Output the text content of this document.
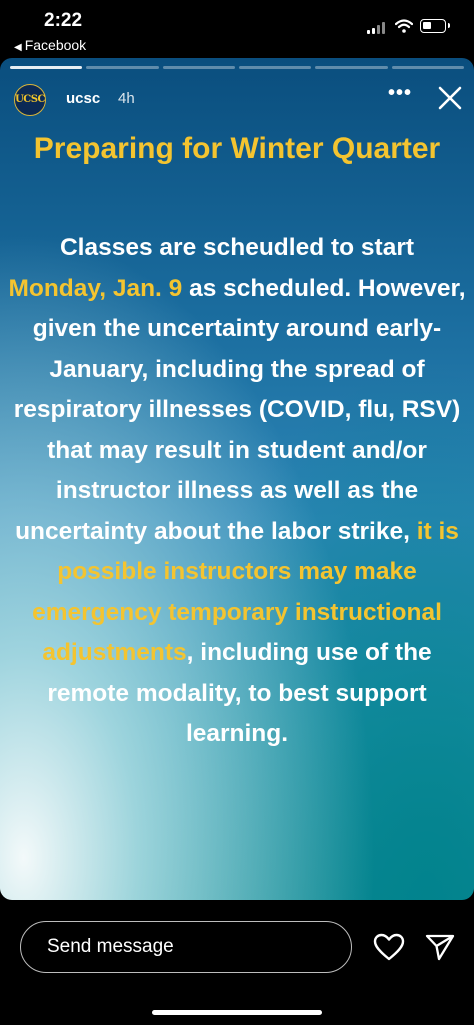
2:22
◀ Facebook
UCSC ucsc 4h	•••
Preparing for Winter Quarter
Classes are scheudled to start Monday, Jan. 9 as scheduled. However, given the uncertainty around early-January, including the spread of respiratory illnesses (COVID, flu, RSV) that may result in student and/or instructor illness as well as the uncertainty about the labor strike, it is possible instructors may make emergency temporary instructional adjustments, including use of the remote modality, to best support learning.
Send message
